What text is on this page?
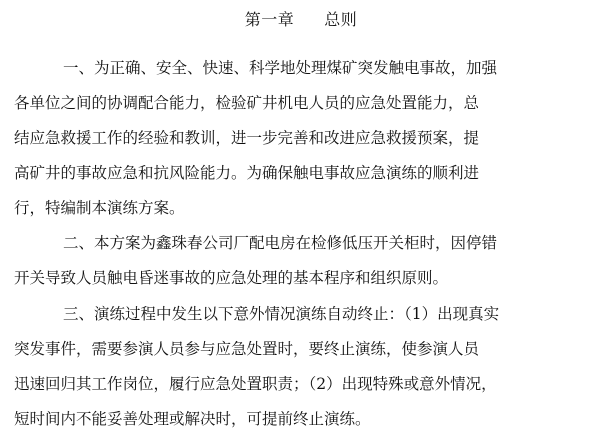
第一章 总则
一、为正确、安全、快速、科学地处理煤矿突发触电事故，加强
各单位之间的协调配合能力，检验矿井机电人员的应急处置能力，总
结应急救援工作的经验和教训，进一步完善和改进应急救援预案，提
高矿井的事故应急和抗风险能力。为确保触电事故应急演练的顺利进
行，特编制本演练方案。
二、本方案为鑫珠春公司厂配电房在检修低压开关柜时，因停错
开关导致人员触电昏迷事故的应急处理的基本程序和组织原则。
三、演练过程中发生以下意外情况演练自动终止：（1）出现真实
突发事件，需要参演人员参与应急处置时，要终止演练，使参演人员
迅速回归其工作岗位，履行应急处置职责；（2）出现特殊或意外情况，
短时间内不能妥善处理或解决时，可提前终止演练。
